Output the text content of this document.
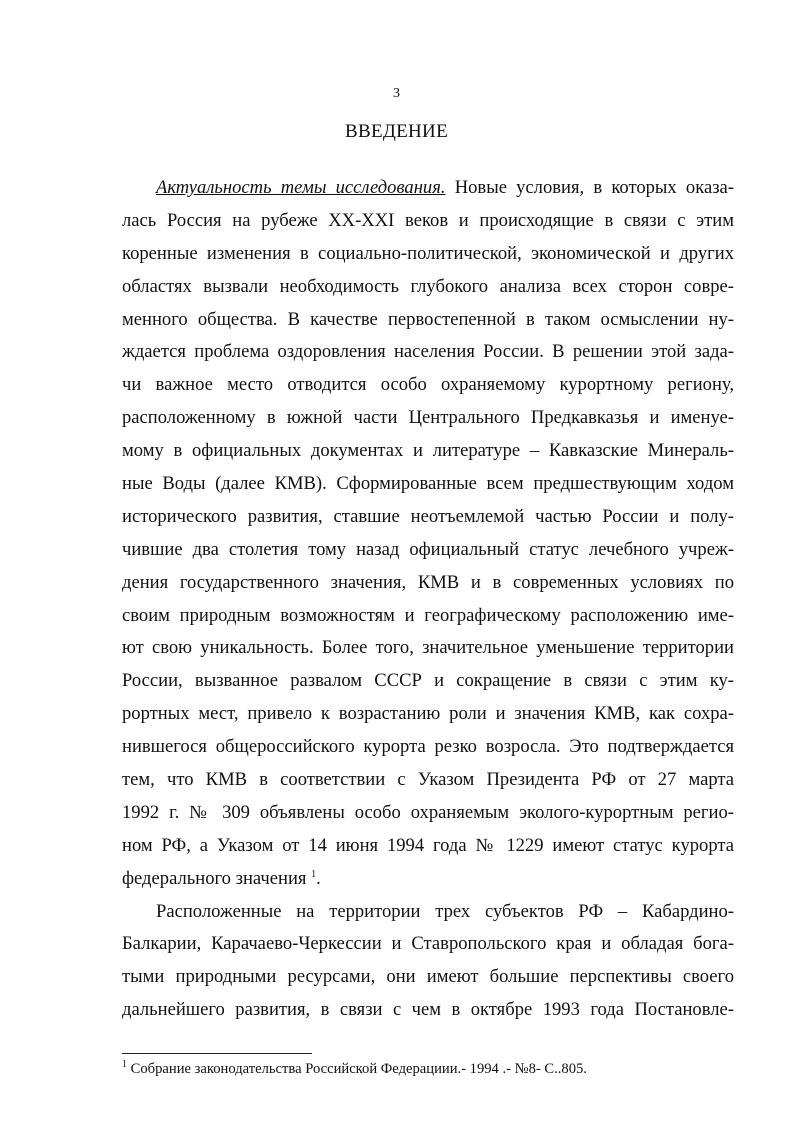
3
ВВЕДЕНИЕ
Актуальность темы исследования. Новые условия, в которых оказа-
лась Россия на рубеже XX-XXI веков и происходящие в связи с этим
коренные изменения в социально-политической, экономической и других
областях вызвали необходимость глубокого анализа всех сторон совре-
менного общества. В качестве первостепенной в таком осмыслении ну-
ждается проблема оздоровления населения России. В решении этой зада-
чи важное место отводится особо охраняемому курортному региону,
расположенному в южной части Центрального Предкавказья и именуе-
мому в официальных документах и литературе – Кавказские Минераль-
ные Воды (далее КМВ). Сформированные всем предшествующим ходом
исторического развития, ставшие неотъемлемой частью России и полу-
чившие два столетия тому назад официальный статус лечебного учреж-
дения государственного значения, КМВ и в современных условиях по
своим природным возможностям и географическому расположению име-
ют свою уникальность. Более того, значительное уменьшение территории
России, вызванное развалом СССР и сокращение в связи с этим ку-
рортных мест, привело к возрастанию роли и значения КМВ, как сохра-
нившегося общероссийского курорта резко возросла. Это подтверждается
тем, что КМВ в соответствии с Указом Президента РФ от 27 марта
1992 г. № 309 объявлены особо охраняемым эколого-курортным регио-
ном РФ, а Указом от 14 июня 1994 года № 1229 имеют статус курорта
федерального значения $^1$.
Расположенные на территории трех субъектов РФ – Кабардино-
Балкарии, Карачаево-Черкессии и Ставропольского края и обладая бога-
тыми природными ресурсами, они имеют большие перспективы своего
дальнейшего развития, в связи с чем в октябре 1993 года Постановле-
$^1$ Собрание законодательства Российской Федерациии.- 1994 .- №8- С..805.
